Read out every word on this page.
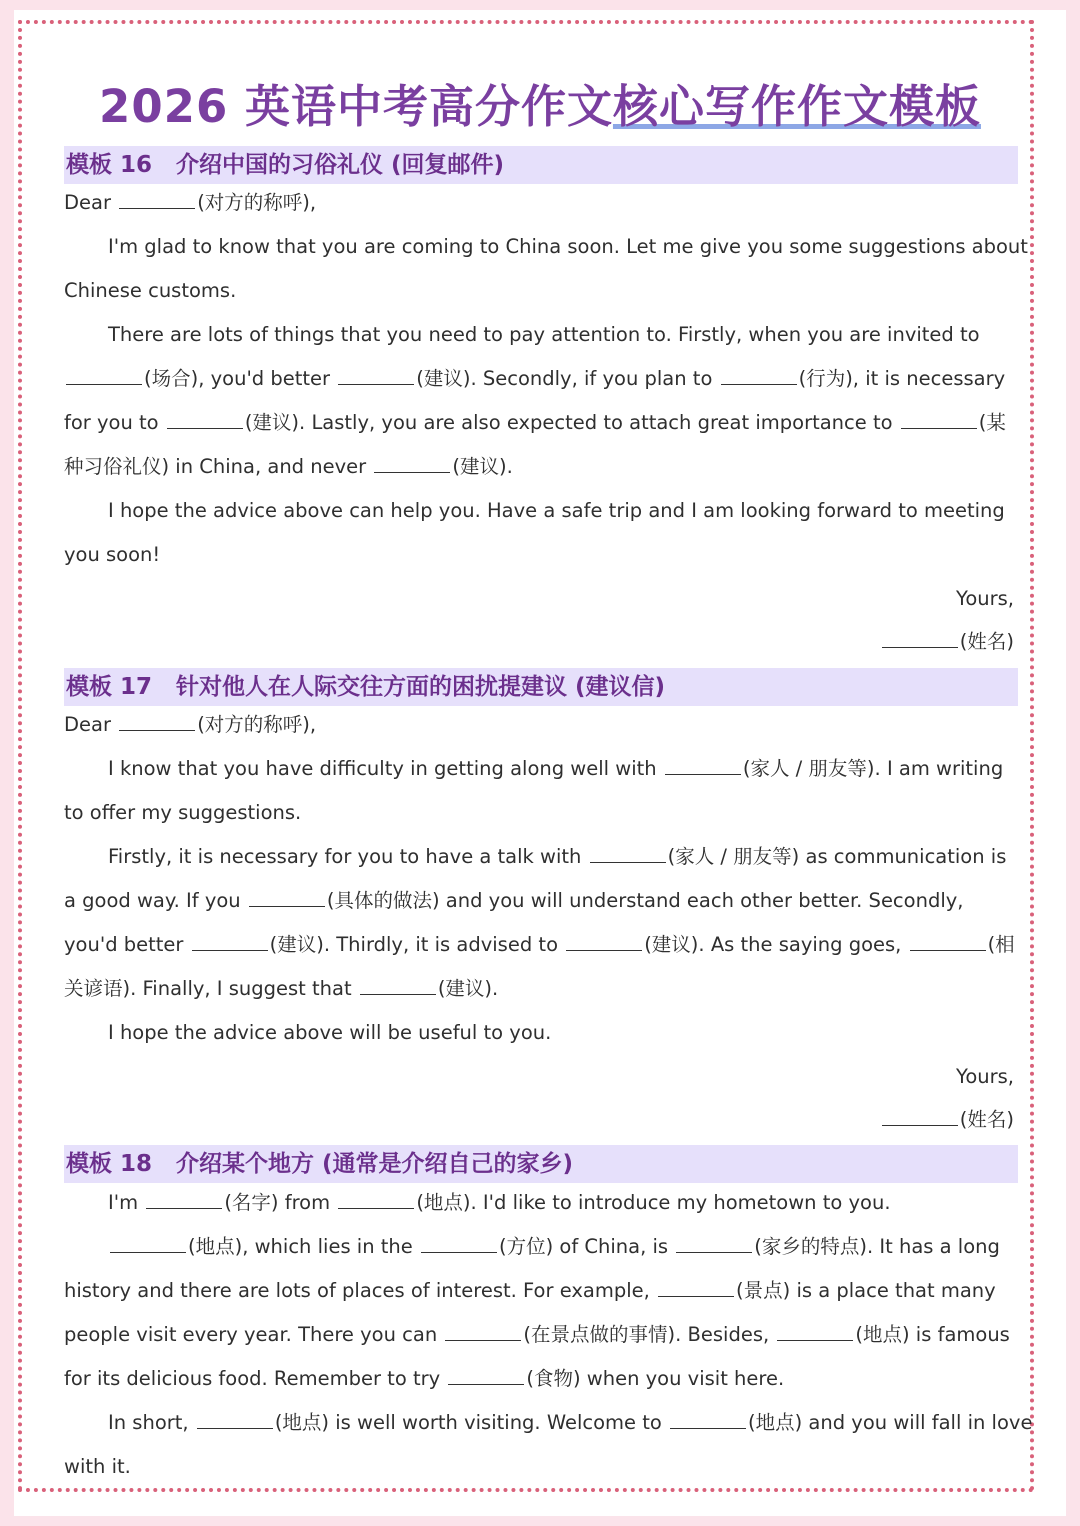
2026 英语中考高分作文核心写作作文模板
模板 16 介绍中国的习俗礼仪 (回复邮件)
Dear	(对方的称呼),
I'm glad to know that you are coming to China soon. Let me give you some suggestions about
Chinese customs.
There are lots of things that you need to pay attention to. Firstly, when you are invited to
(场合), you'd better	(建议). Secondly, if you plan to	(行为), it is necessary
for you to	(建议). Lastly, you are also expected to attach great importance to	(某
种习俗礼仪) in China, and never	(建议).
I hope the advice above can help you. Have a safe trip and I am looking forward to meeting
you soon!
Yours,
(姓名)
模板 17 针对他人在人际交往方面的困扰提建议 (建议信)
Dear	(对方的称呼),
I know that you have difficulty in getting along well with	(家人 / 朋友等). I am writing
to offer my suggestions.
Firstly, it is necessary for you to have a talk with	(家人 / 朋友等) as communication is
a good way. If you	(具体的做法) and you will understand each other better. Secondly,
you'd better	(建议). Thirdly, it is advised to	(建议). As the saying goes,	(相
关谚语). Finally, I suggest that	(建议).
I hope the advice above will be useful to you.
Yours,
(姓名)
模板 18 介绍某个地方 (通常是介绍自己的家乡)
I'm	(名字) from	(地点). I'd like to introduce my hometown to you.
(地点), which lies in the	(方位) of China, is	(家乡的特点). It has a long
history and there are lots of places of interest. For example,	(景点) is a place that many
people visit every year. There you can	(在景点做的事情). Besides,	(地点) is famous
for its delicious food. Remember to try	(食物) when you visit here.
In short,	(地点) is well worth visiting. Welcome to	(地点) and you will fall in love
with it.
